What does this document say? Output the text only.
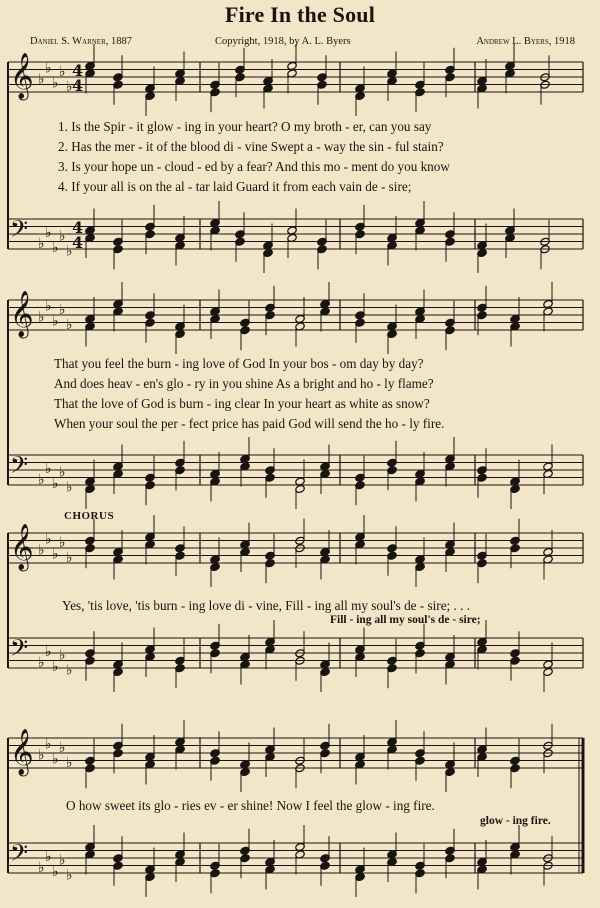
Fire In the Soul
Daniel S. Warner, 1887	Copyright, 1918, by A. L. Byers	Andrew L. Byers, 1918
𝄞 ♭
♭
♭
♭
♭
𝄢 ♭
♭
♭
♭
♭
𝄞 ♭
♭
♭
♭
♭
𝄢 ♭
♭
♭
♭
♭
𝄞 ♭
♭
♭
♭
♭
𝄢 ♭
♭
♭
♭
♭
𝄞 ♭
♭
♭
♭
♭
𝄢 ♭
♭
♭
♭
♭
4
4
4
4
1. Is the Spir - it glow - ing in your heart? O my broth - er, can you say
2. Has the mer - it of the blood di - vine Swept a - way the sin - ful stain?
3. Is your hope un - cloud - ed by a fear? And this mo - ment do you know
4. If your all is on the al - tar laid Guard it from each vain de - sire;
That you feel the burn - ing love of God In your bos - om day by day?
And does heav - en's glo - ry in you shine As a bright and ho - ly flame?
That the love of God is burn - ing clear In your heart as white as snow?
When your soul the per - fect price has paid God will send the ho - ly fire.
CHORUS
Yes, 'tis love, 'tis burn - ing love di - vine, Fill - ing all my soul's de - sire; . . .
Fill - ing all my soul's de - sire;
O how sweet its glo - ries ev - er shine! Now I feel the glow - ing fire.
glow - ing fire.
